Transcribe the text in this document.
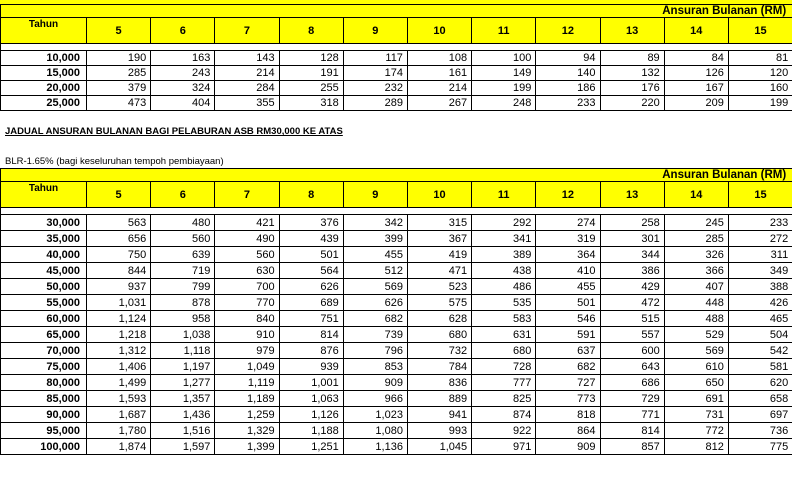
Ansuran Bulanan (RM)											
Tahun	5	6	7	8	9	10	11	12	13	14	15

10,000	190	163	143	128	117	108	100	94	89	84	81
15,000	285	243	214	191	174	161	149	140	132	126	120
20,000	379	324	284	255	232	214	199	186	176	167	160
25,000	473	404	355	318	289	267	248	233	220	209	199
JADUAL ANSURAN BULANAN BAGI PELABURAN ASB RM30,000 KE ATAS
BLR-1.65% (bagi keseluruhan tempoh pembiayaan)
Ansuran Bulanan (RM)											
Tahun	5	6	7	8	9	10	11	12	13	14	15

30,000	563	480	421	376	342	315	292	274	258	245	233
35,000	656	560	490	439	399	367	341	319	301	285	272
40,000	750	639	560	501	455	419	389	364	344	326	311
45,000	844	719	630	564	512	471	438	410	386	366	349
50,000	937	799	700	626	569	523	486	455	429	407	388
55,000	1,031	878	770	689	626	575	535	501	472	448	426
60,000	1,124	958	840	751	682	628	583	546	515	488	465
65,000	1,218	1,038	910	814	739	680	631	591	557	529	504
70,000	1,312	1,118	979	876	796	732	680	637	600	569	542
75,000	1,406	1,197	1,049	939	853	784	728	682	643	610	581
80,000	1,499	1,277	1,119	1,001	909	836	777	727	686	650	620
85,000	1,593	1,357	1,189	1,063	966	889	825	773	729	691	658
90,000	1,687	1,436	1,259	1,126	1,023	941	874	818	771	731	697
95,000	1,780	1,516	1,329	1,188	1,080	993	922	864	814	772	736
100,000	1,874	1,597	1,399	1,251	1,136	1,045	971	909	857	812	775
